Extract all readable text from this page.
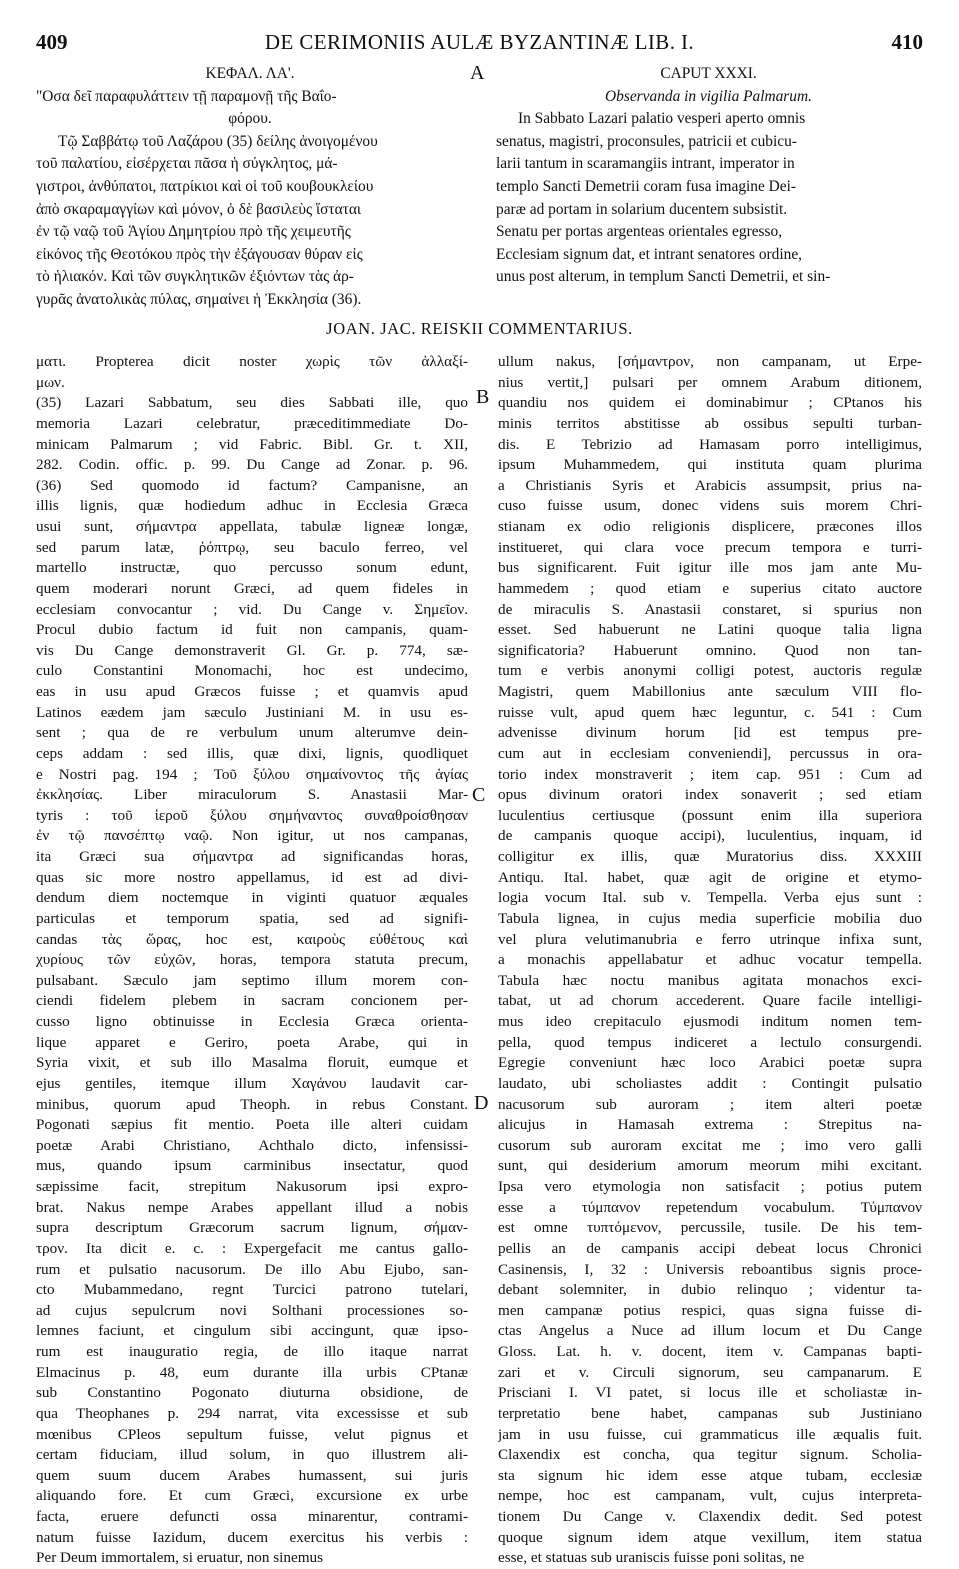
409	DE CERIMONIIS AULÆ BYZANTINÆ LIB. I.	410
A
B
C
D
ΚΕΦΑΛ. ΛΑ'.
"Οσα δεῖ παραφυλάττειν τῇ παραμονῇ τῆς Βαΐο-
φόρου.
Τῷ Σαββάτῳ τοῦ Λαζάρου (35) δείλης ἀνοιγομένου
τοῦ παλατίου, εἰσέρχεται πᾶσα ἡ σύγκλητος, μά-
γιστροι, ἀνθύπατοι, πατρίκιοι καὶ οἱ τοῦ κουβουκλείου
ἀπὸ σκαραμαγγίων καὶ μόνον, ὁ δὲ βασιλεὺς ἵσταται
ἐν τῷ ναῷ τοῦ Ἁγίου Δημητρίου πρὸ τῆς χειμευτῆς
εἰκόνος τῆς Θεοτόκου πρὸς τὴν ἐξάγουσαν θύραν εἰς
τὸ ἡλιακόν. Καὶ τῶν συγκλητικῶν ἐξιόντων τὰς ἀρ-
γυρᾶς ἀνατολικὰς πύλας, σημαίνει ἡ Ἐκκλησία (36).
CAPUT XXXI.
Observanda in vigilia Palmarum.
In Sabbato Lazari palatio vesperi aperto omnis
senatus, magistri, proconsules, patricii et cubicu-
larii tantum in scaramangiis intrant, imperator in
templo Sancti Demetrii coram fusa imagine Dei-
paræ ad portam in solarium ducentem subsistit.
Senatu per portas argenteas orientales egresso,
Ecclesiam signum dat, et intrant senatores ordine,
unus post alterum, in templum Sancti Demetrii, et sin-
JOAN. JAC. REISKII COMMENTARIUS.
ματι. Propterea dicit noster χωρὶς τῶν ἀλλαξί-
μων.
(35) Lazari Sabbatum, seu dies Sabbati ille, quo
memoria Lazari celebratur, præceditimmediate Do-
minicam Palmarum ; vid Fabric. Bibl. Gr. t. XII,
282. Codin. offic. p. 99. Du Cange ad Zonar. p. 96.
(36) Sed quomodo id factum? Campanisne, an
illis lignis, quæ hodiedum adhuc in Ecclesia Græca
usui sunt, σήμαντρα appellata, tabulæ ligneæ longæ,
sed parum latæ, ῥόπτρῳ, seu baculo ferreo, vel
martello instructæ, quo percusso sonum edunt,
quem moderari norunt Græci, ad quem fideles in
ecclesiam convocantur ; vid. Du Cange v. Σημεῖον.
Procul dubio factum id fuit non campanis, quam-
vis Du Cange demonstraverit Gl. Gr. p. 774, sæ-
culo Constantini Monomachi, hoc est undecimo,
eas in usu apud Græcos fuisse ; et quamvis apud
Latinos eædem jam sæculo Justiniani M. in usu es-
sent ; qua de re verbulum unum alterumve dein-
ceps addam : sed illis, quæ dixi, lignis, quodliquet
e Nostri pag. 194 ; Τοῦ ξύλου σημαίνοντος τῆς ἁγίας
ἐκκλησίας. Liber miraculorum S. Anastasii Mar-
tyris : τοῦ ἱεροῦ ξύλου σημήναντος συναθροίσθησαν
ἐν τῷ πανσέπτῳ ναῷ. Non igitur, ut nos campanas,
ita Græci sua σήμαντρα ad significandas horas,
quas sic more nostro appellamus, id est ad divi-
dendum diem noctemque in viginti quatuor æquales
particulas et temporum spatia, sed ad signifi-
candas τὰς ὥρας, hoc est, καιροὺς εὐθέτους καὶ
χυρίους τῶν εὐχῶν, horas, tempora statuta precum,
pulsabant. Sæculo jam septimo illum morem con-
ciendi fidelem plebem in sacram concionem per-
cusso ligno obtinuisse in Ecclesia Græca orienta-
lique apparet e Geriro, poeta Arabe, qui in
Syria vixit, et sub illo Masalma floruit, eumque et
ejus gentiles, itemque illum Χαγάνου laudavit car-
minibus, quorum apud Theoph. in rebus Constant.
Pogonati sæpius fit mentio. Poeta ille alteri cuidam
poetæ Arabi Christiano, Achthalo dicto, infensissi-
mus, quando ipsum carminibus insectatur, quod
sæpissime facit, strepitum Nakusorum ipsi expro-
brat. Nakus nempe Arabes appellant illud a nobis
supra descriptum Græcorum sacrum lignum, σήμαν-
τρον. Ita dicit e. c. : Expergefacit me cantus gallo-
rum et pulsatio nacusorum. De illo Abu Ejubo, san-
cto Mubammedano, regnt Turcici patrono tutelari,
ad cujus sepulcrum novi Solthani processiones so-
lemnes faciunt, et cingulum sibi accingunt, quæ ipso-
rum est inauguratio regia, de illo itaque narrat
Elmacinus p. 48, eum durante illa urbis CPtanæ
sub Constantino Pogonato diuturna obsidione, de
qua Theophanes p. 294 narrat, vita excessisse et sub
mœnibus CPleos sepultum fuisse, velut pignus et
certam fiduciam, illud solum, in quo illustrem ali-
quem suum ducem Arabes humassent, sui juris
aliquando fore. Et cum Græci, excursione ex urbe
facta, eruere defuncti ossa minarentur, contrami-
natum fuisse Iazidum, ducem exercitus his verbis :
Per Deum immortalem, si eruatur, non sinemus
ullum nakus, [σήμαντρον, non campanam, ut Erpe-
nius vertit,] pulsari per omnem Arabum ditionem,
quandiu nos quidem ei dominabimur ; CPtanos his
minis territos abstitisse ab ossibus sepulti turban-
dis. E Tebrizio ad Hamasam porro intelligimus,
ipsum Muhammedem, qui instituta quam plurima
a Christianis Syris et Arabicis assumpsit, prius na-
cuso fuisse usum, donec videns suis morem Chri-
stianam ex odio religionis displicere, præcones illos
institueret, qui clara voce precum tempora e turri-
bus significarent. Fuit igitur ille mos jam ante Mu-
hammedem ; quod etiam e superius citato auctore
de miraculis S. Anastasii constaret, si spurius non
esset. Sed habuerunt ne Latini quoque talia ligna
significatoria? Habuerunt omnino. Quod non tan-
tum e verbis anonymi colligi potest, auctoris regulæ
Magistri, quem Mabillonius ante sæculum VIII flo-
ruisse vult, apud quem hæc leguntur, c. 541 : Cum
advenisse divinum horum [id est tempus pre-
cum aut in ecclesiam conveniendi], percussus in ora-
torio index monstraverit ; item cap. 951 : Cum ad
opus divinum oratori index sonaverit ; sed etiam
luculentius certiusque (possunt enim illa superiora
de campanis quoque accipi), luculentius, inquam, id
colligitur ex illis, quæ Muratorius diss. XXXIII
Antiqu. Ital. habet, quæ agit de origine et etymo-
logia vocum Ital. sub v. Tempella. Verba ejus sunt :
Tabula lignea, in cujus media superficie mobilia duo
vel plura velutimanubria e ferro utrinque infixa sunt,
a monachis appellabatur et adhuc vocatur tempella.
Tabula hæc noctu manibus agitata monachos exci-
tabat, ut ad chorum accederent. Quare facile intelligi-
mus ideo crepitaculo ejusmodi inditum nomen tem-
pella, quod tempus indiceret a lectulo consurgendi.
Egregie conveniunt hæc loco Arabici poetæ supra
laudato, ubi scholiastes addit : Contingit pulsatio
nacusorum sub auroram ; item alteri poetæ
alicujus in Hamasah extrema : Strepitus na-
cusorum sub auroram excitat me ; imo vero galli
sunt, qui desiderium amorum meorum mihi excitant.
Ipsa vero etymologia non satisfacit ; potius putem
esse a τύμπανον repetendum vocabulum. Τύμπανον
est omne τυπτόμενον, percussile, tusile. De his tem-
pellis an de campanis accipi debeat locus Chronici
Casinensis, I, 32 : Universis reboantibus signis proce-
debant solemniter, in dubio relinquo ; videntur ta-
men campanæ potius respici, quas signa fuisse di-
ctas Angelus a Nuce ad illum locum et Du Cange
Gloss. Lat. h. v. docent, item v. Campanas bapti-
zari et v. Circuli signorum, seu campanarum. E
Prisciani I. VI patet, si locus ille et scholiastæ in-
terpretatio bene habet, campanas sub Justiniano
jam in usu fuisse, cui grammaticus ille æqualis fuit.
Claxendix est concha, qua tegitur signum. Scholia-
sta signum hic idem esse atque tubam, ecclesiæ
nempe, hoc est campanam, vult, cujus interpreta-
tionem Du Cange v. Claxendix dedit. Sed potest
quoque signum idem atque vexillum, item statua
esse, et statuas sub uraniscis fuisse poni solitas, ne
